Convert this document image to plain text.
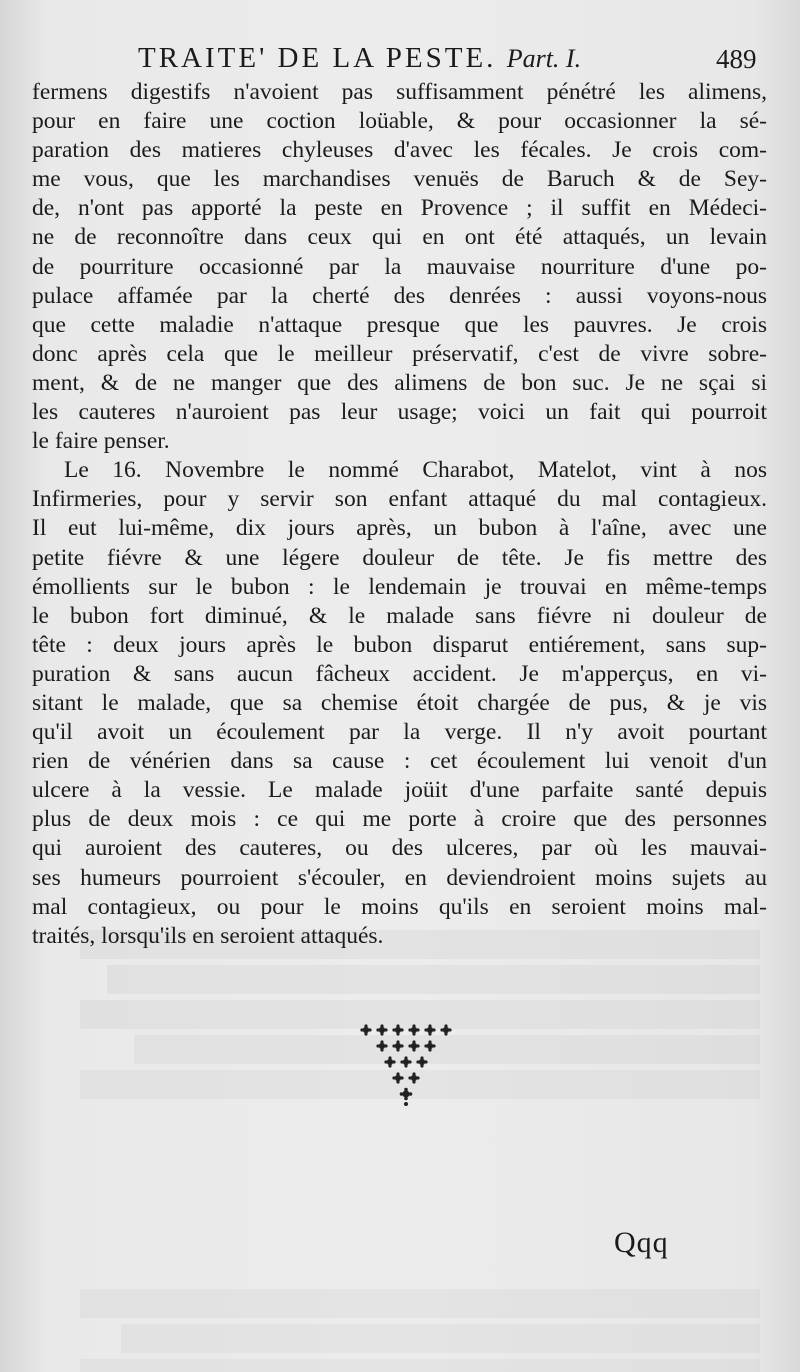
TRAITE' DE LA PESTE. Part. I.	489
fermens digestifs n'avoient pas suffisamment pénétré les alimens,
pour en faire une coction loüable, & pour occasionner la sé-
paration des matieres chyleuses d'avec les fécales. Je crois com-
me vous, que les marchandises venuës de Baruch & de Sey-
de, n'ont pas apporté la peste en Provence ; il suffit en Médeci-
ne de reconnoître dans ceux qui en ont été attaqués, un levain
de pourriture occasionné par la mauvaise nourriture d'une po-
pulace affamée par la cherté des denrées : aussi voyons-nous
que cette maladie n'attaque presque que les pauvres. Je crois
donc après cela que le meilleur préservatif, c'est de vivre sobre-
ment, & de ne manger que des alimens de bon suc. Je ne sçai si
les cauteres n'auroient pas leur usage; voici un fait qui pourroit
le faire penser.
Le 16. Novembre le nommé Charabot, Matelot, vint à nos
Infirmeries, pour y servir son enfant attaqué du mal contagieux.
Il eut lui-même, dix jours après, un bubon à l'aîne, avec une
petite fiévre & une légere douleur de tête. Je fis mettre des
émollients sur le bubon : le lendemain je trouvai en même-temps
le bubon fort diminué, & le malade sans fiévre ni douleur de
tête : deux jours après le bubon disparut entiérement, sans sup-
puration & sans aucun fâcheux accident. Je m'apperçus, en vi-
sitant le malade, que sa chemise étoit chargée de pus, & je vis
qu'il avoit un écoulement par la verge. Il n'y avoit pourtant
rien de vénérien dans sa cause : cet écoulement lui venoit d'un
ulcere à la vessie. Le malade joüit d'une parfaite santé depuis
plus de deux mois : ce qui me porte à croire que des personnes
qui auroient des cauteres, ou des ulceres, par où les mauvai-
ses humeurs pourroient s'écouler, en deviendroient moins sujets au
mal contagieux, ou pour le moins qu'ils en seroient moins mal-
traités, lorsqu'ils en seroient attaqués.
Qqq
